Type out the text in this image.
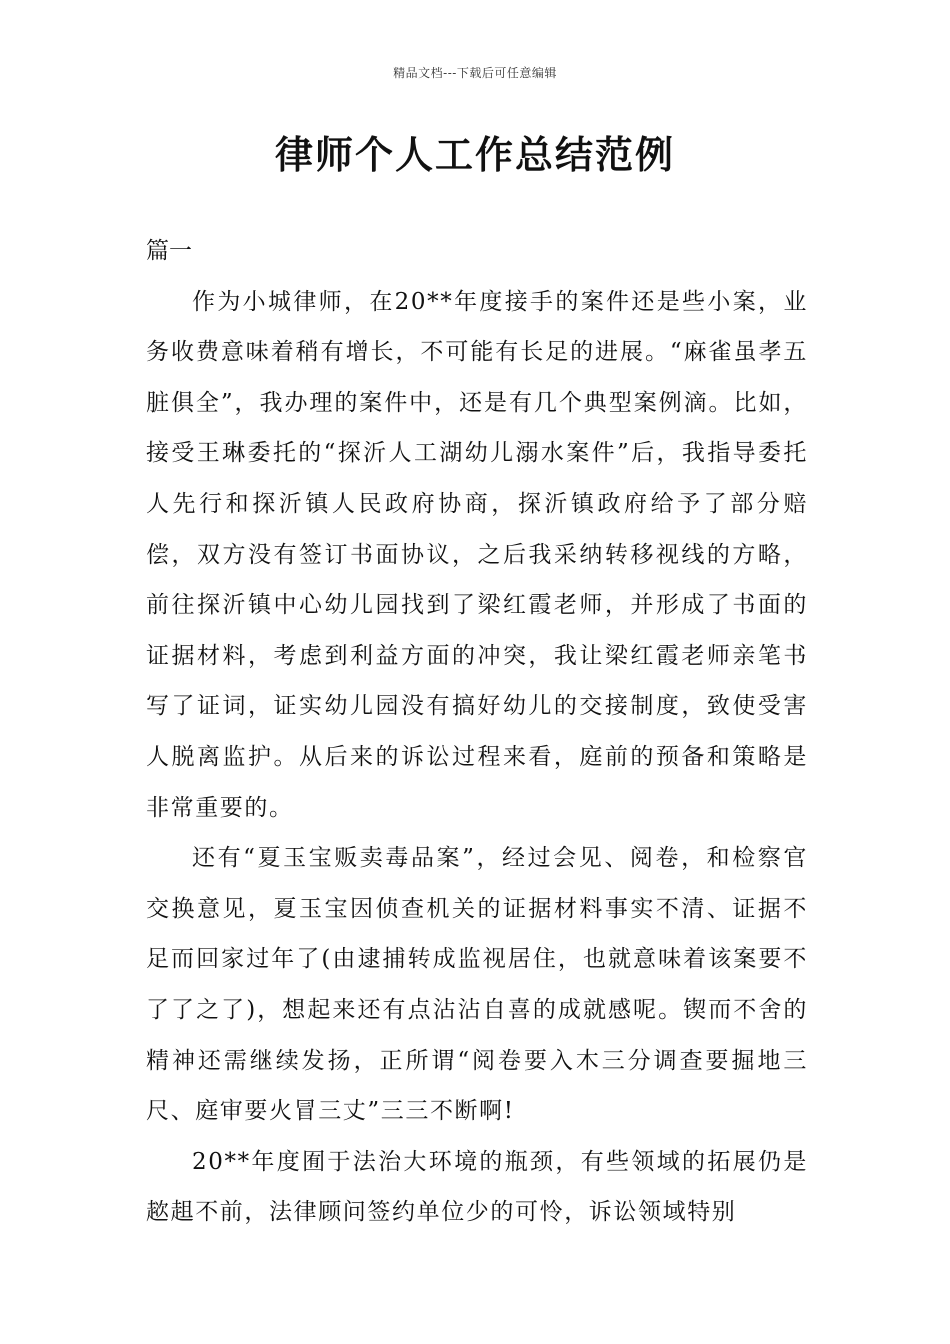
精品文档---下载后可任意编辑
律师个人工作总结范例

篇一

作为小城律师，在20**年度接手的案件还是些小案，业务收费意味着稍有增长，不可能有长足的进展。“麻雀虽孝五脏俱全”，我办理的案件中，还是有几个典型案例滴。比如，接受王琳委托的“探沂人工湖幼儿溺水案件”后，我指导委托人先行和探沂镇人民政府协商，探沂镇政府给予了部分赔偿，双方没有签订书面协议，之后我采纳转移视线的方略，前往探沂镇中心幼儿园找到了梁红霞老师，并形成了书面的证据材料，考虑到利益方面的冲突，我让梁红霞老师亲笔书写了证词，证实幼儿园没有搞好幼儿的交接制度，致使受害人脱离监护。从后来的诉讼过程来看，庭前的预备和策略是非常重要的。

还有“夏玉宝贩卖毒品案”，经过会见、阅卷，和检察官交换意见，夏玉宝因侦查机关的证据材料事实不清、证据不足而回家过年了(由逮捕转成监视居住，也就意味着该案要不了了之了)，想起来还有点沾沾自喜的成就感呢。锲而不舍的精神还需继续发扬，正所谓“阅卷要入木三分调查要掘地三尺、庭审要火冒三丈”三三不断啊!

20**年度囿于法治大环境的瓶颈，有些领域的拓展仍是趑趄不前，法律顾问签约单位少的可怜，诉讼领域特别
